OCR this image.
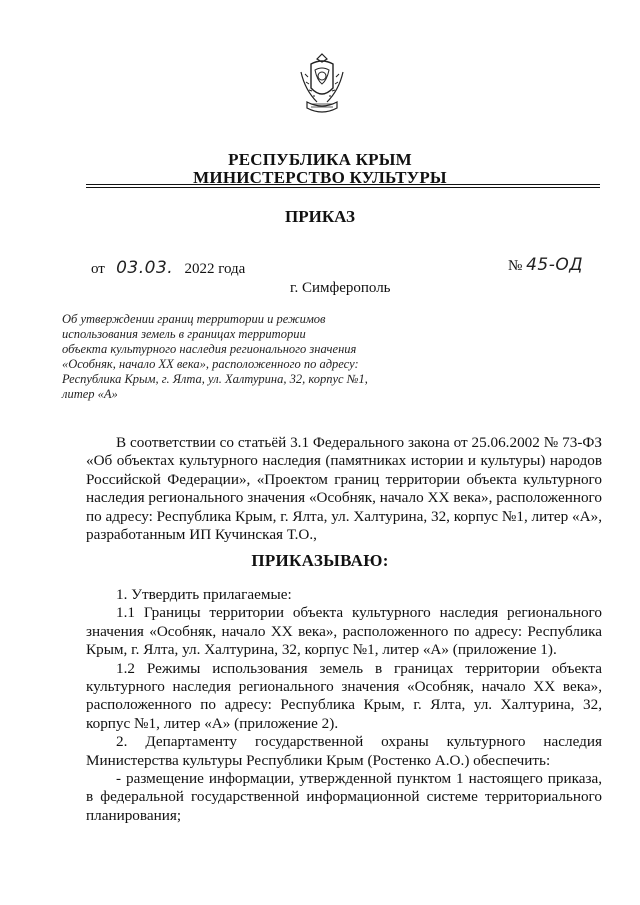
РЕСПУБЛИКА КРЫМ
МИНИСТЕРСТВО КУЛЬТУРЫ
ПРИКАЗ
от 03.03. 2022 года	№ 45-ОД
г. Симферополь
Об утверждении границ территории и режимов
использования земель в границах территории
объекта культурного наследия регионального значения
«Особняк, начало XX века», расположенного по адресу:
Республика Крым, г. Ялта, ул. Халтурина, 32, корпус №1,
литер «А»

В соответствии со статьёй 3.1 Федерального закона от 25.06.2002 № 73-ФЗ «Об объектах культурного наследия (памятниках истории и культуры) народов Российской Федерации», «Проектом границ территории объекта культурного наследия регионального значения «Особняк, начало XX века», расположенного по адресу: Республика Крым, г. Ялта, ул. Халтурина, 32, корпус №1, литер «А», разработанным ИП Кучинская Т.О.,

ПРИКАЗЫВАЮ:

1. Утвердить прилагаемые:

1.1 Границы территории объекта культурного наследия регионального значения «Особняк, начало XX века», расположенного по адресу: Республика Крым, г. Ялта, ул. Халтурина, 32, корпус №1, литер «А» (приложение 1).

1.2 Режимы использования земель в границах территории объекта культурного наследия регионального значения «Особняк, начало XX века», расположенного по адресу: Республика Крым, г. Ялта, ул. Халтурина, 32, корпус №1, литер «А» (приложение 2).

2. Департаменту государственной охраны культурного наследия Министерства культуры Республики Крым (Ростенко А.О.) обеспечить:

- размещение информации, утвержденной пунктом 1 настоящего приказа, в федеральной государственной информационной системе территориального планирования;
